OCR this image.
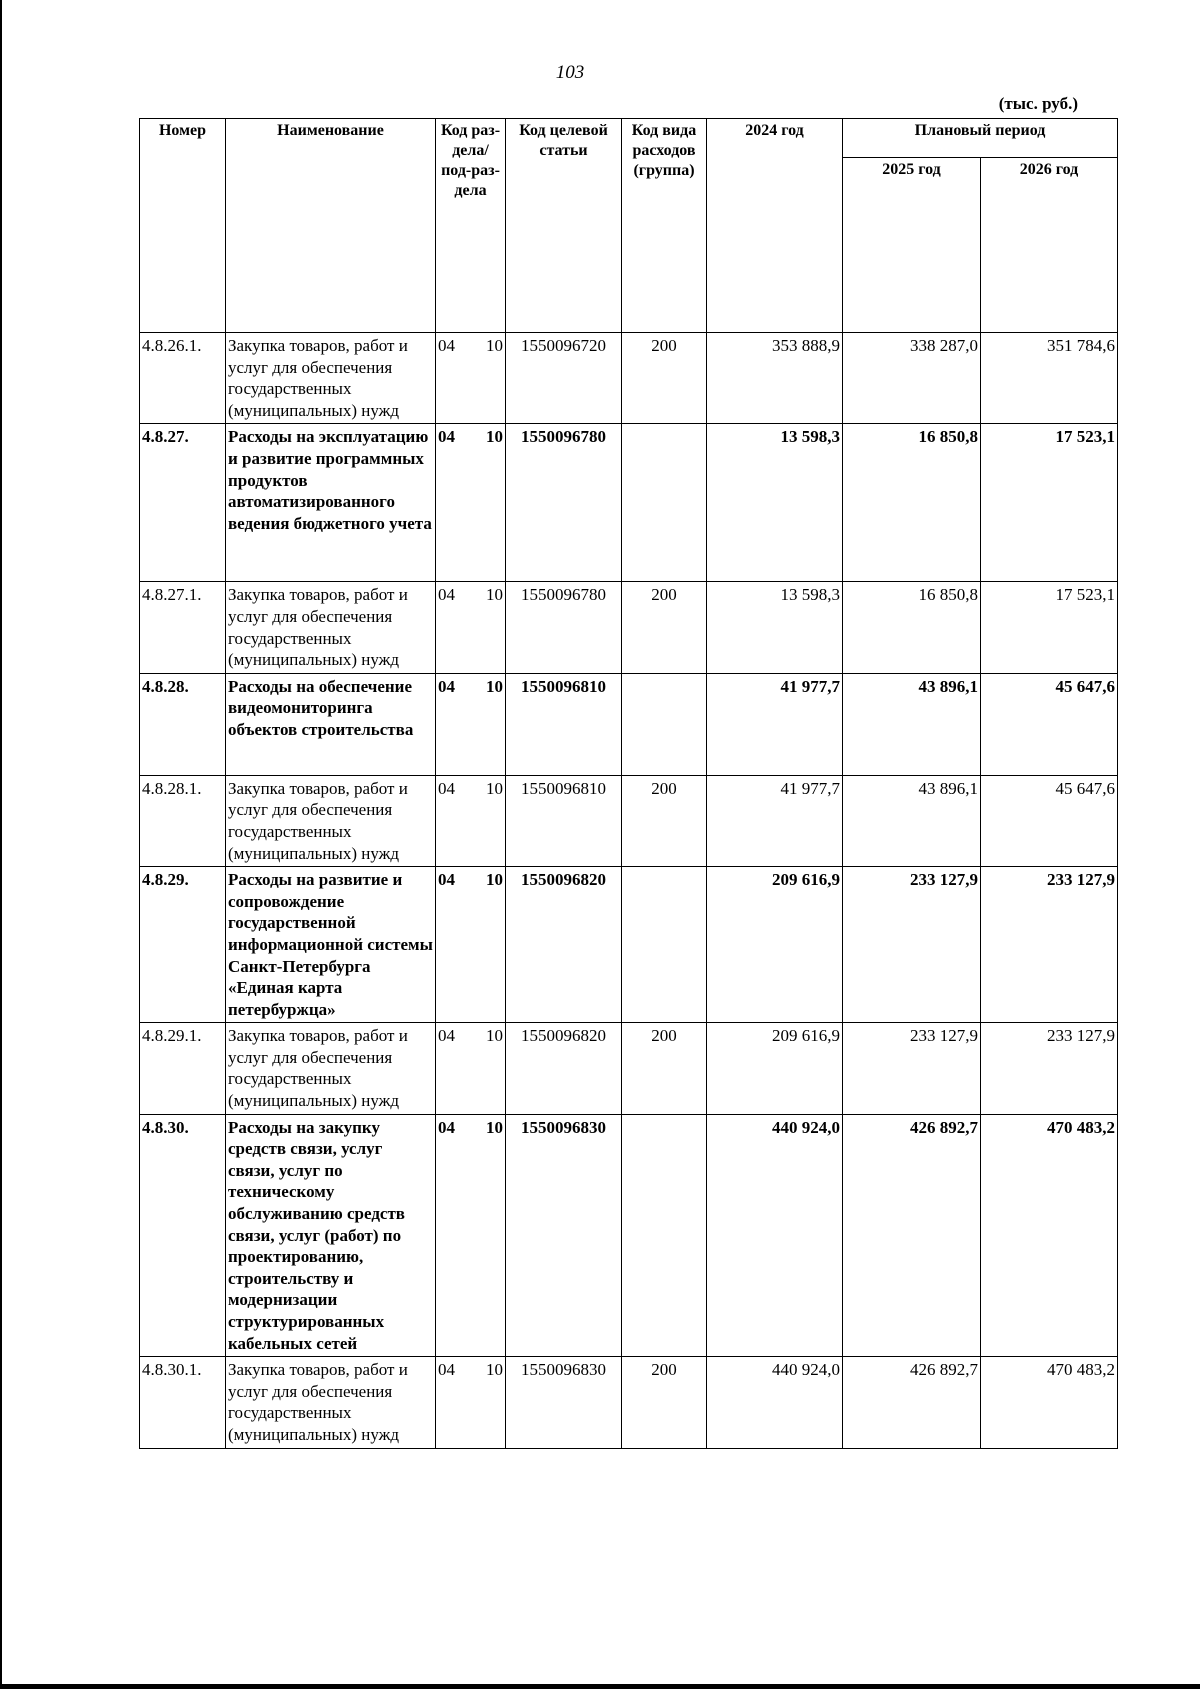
103
(тыс. руб.)
Номер	Наименование	Код раз-дела/ под-раз-дела	Код целевой статьи	Код вида расходов (группа)	2024 год	Плановый период	
						2025 год	2026 год
4.8.26.1.	Закупка товаров, работ и услуг для обеспечения государственных (муниципальных) нужд	04 10	1550096720	200	353 888,9	338 287,0	351 784,6
4.8.27.	Расходы на эксплуатацию и развитие программных продуктов автоматизированного ведения бюджетного учета	04 10	1550096780		13 598,3	16 850,8	17 523,1
4.8.27.1.	Закупка товаров, работ и услуг для обеспечения государственных (муниципальных) нужд	04 10	1550096780	200	13 598,3	16 850,8	17 523,1
4.8.28.	Расходы на обеспечение видеомониторинга объектов строительства	04 10	1550096810		41 977,7	43 896,1	45 647,6
4.8.28.1.	Закупка товаров, работ и услуг для обеспечения государственных (муниципальных) нужд	04 10	1550096810	200	41 977,7	43 896,1	45 647,6
4.8.29.	Расходы на развитие и сопровождение государственной информационной системы Санкт-Петербурга «Единая карта петербуржца»	04 10	1550096820		209 616,9	233 127,9	233 127,9
4.8.29.1.	Закупка товаров, работ и услуг для обеспечения государственных (муниципальных) нужд	04 10	1550096820	200	209 616,9	233 127,9	233 127,9
4.8.30.	Расходы на закупку средств связи, услуг связи, услуг по техническому обслуживанию средств связи, услуг (работ) по проектированию, строительству и модернизации структурированных кабельных сетей	04 10	1550096830		440 924,0	426 892,7	470 483,2
4.8.30.1.	Закупка товаров, работ и услуг для обеспечения государственных (муниципальных) нужд	04 10	1550096830	200	440 924,0	426 892,7	470 483,2
